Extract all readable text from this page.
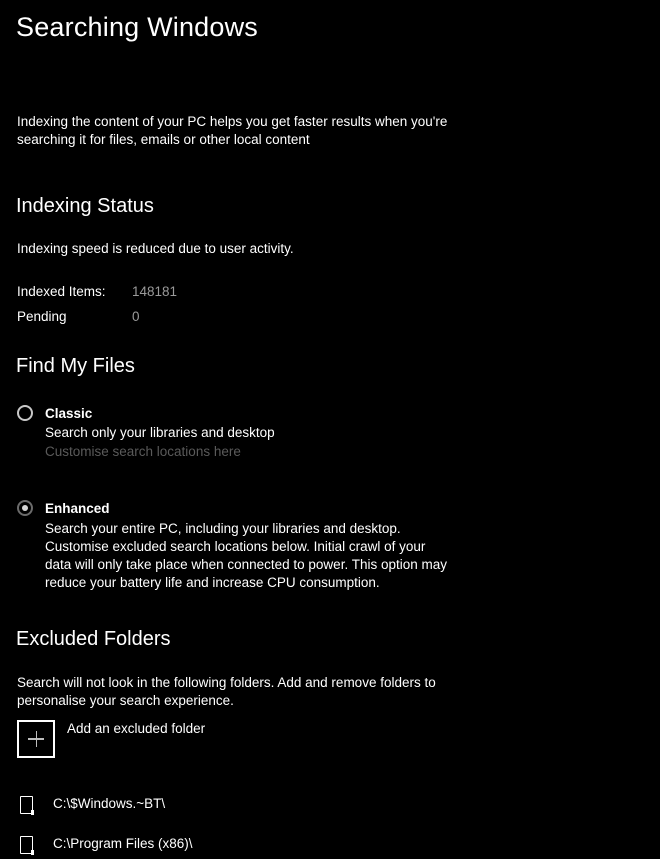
Searching Windows
Indexing the content of your PC helps you get faster results when you're
searching it for files, emails or other local content
Indexing Status
Indexing speed is reduced due to user activity.
Indexed Items: 148181
Pending	0
Find My Files
Classic
Search only your libraries and desktop
Customise search locations here
Enhanced
Search your entire PC, including your libraries and desktop.
Customise excluded search locations below. Initial crawl of your
data will only take place when connected to power. This option may
reduce your battery life and increase CPU consumption.
Excluded Folders
Search will not look in the following folders. Add and remove folders to
personalise your search experience.
Add an excluded folder
C:\$Windows.~BT\
C:\Program Files (x86)\
